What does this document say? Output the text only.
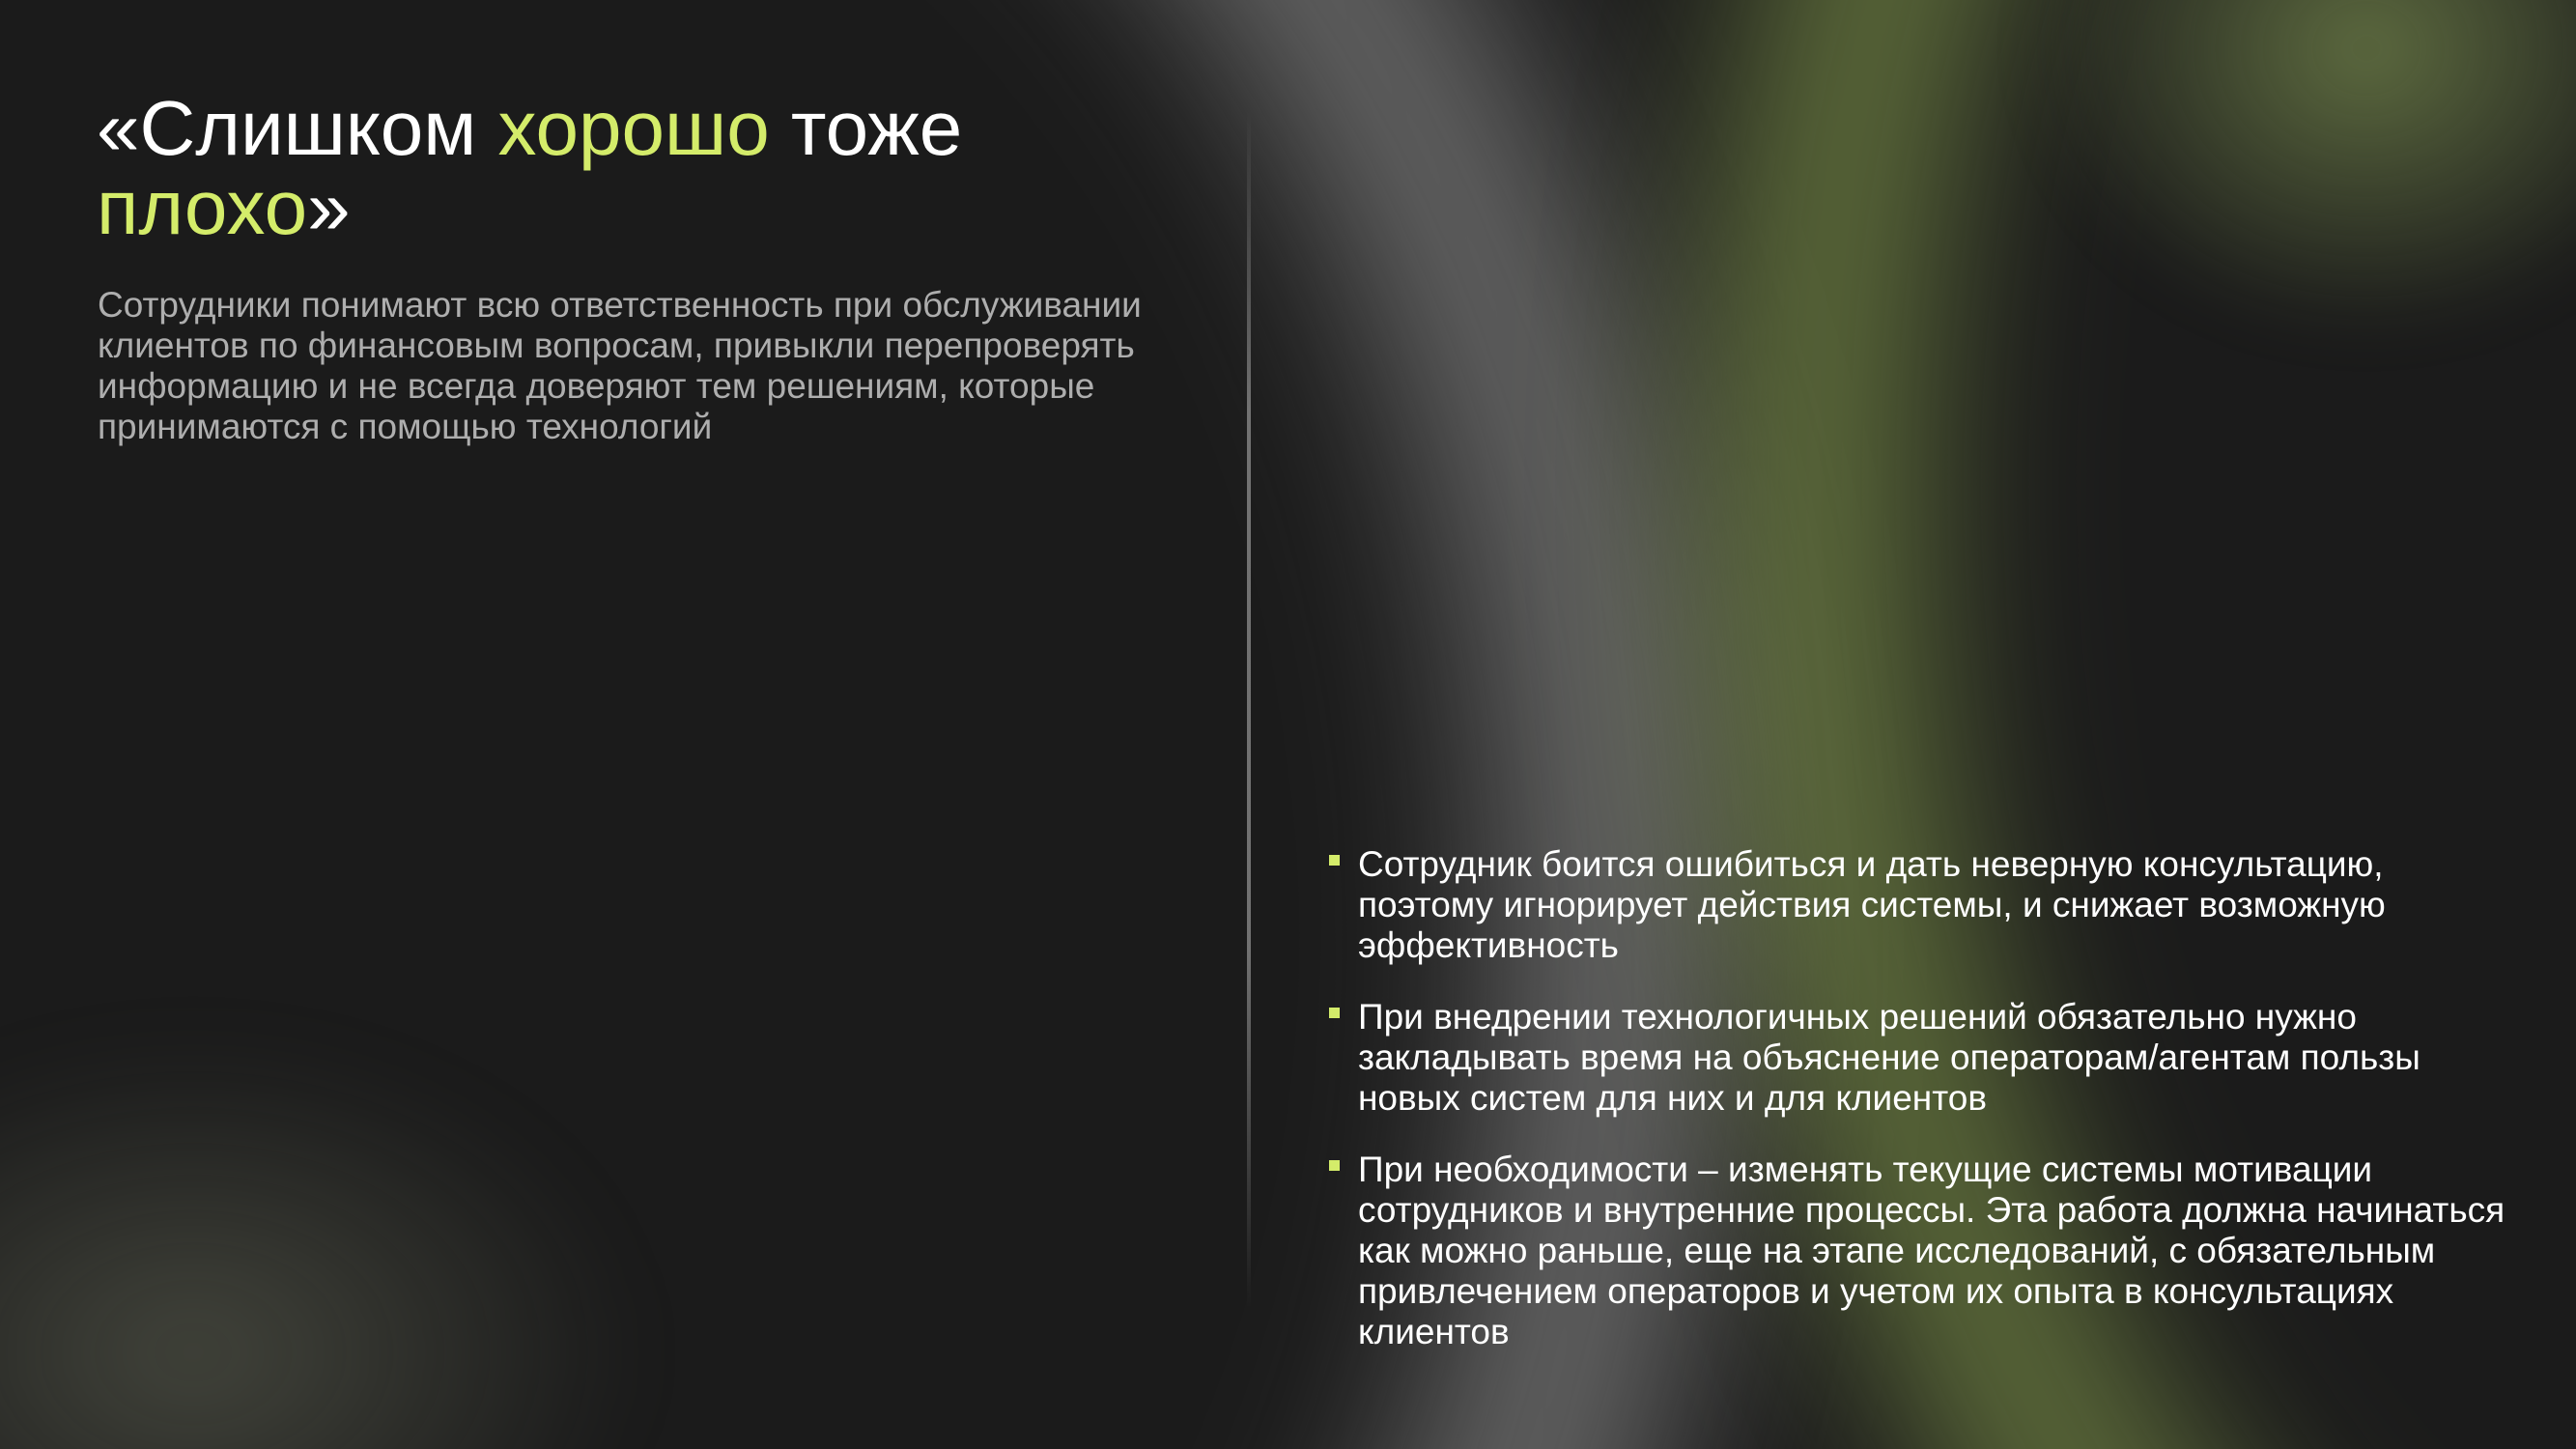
«Слишком хорошо тоже
плохо»

Сотрудники понимают всю ответственность при обслуживании клиентов по финансовым вопросам, привыкли перепроверять информацию и не всегда доверяют тем решениям, которые принимаются с помощью технологий

Сотрудник боится ошибиться и дать неверную консультацию, поэтому игнорирует действия системы, и снижает возможную эффективность
При внедрении технологичных решений обязательно нужно закладывать время на объяснение операторам/агентам пользы новых систем для них и для клиентов
При необходимости – изменять текущие системы мотивации сотрудников и внутренние процессы. Эта работа должна начинаться как можно раньше, еще на этапе исследований, с обязательным привлечением операторов и учетом их опыта в консультациях клиентов
